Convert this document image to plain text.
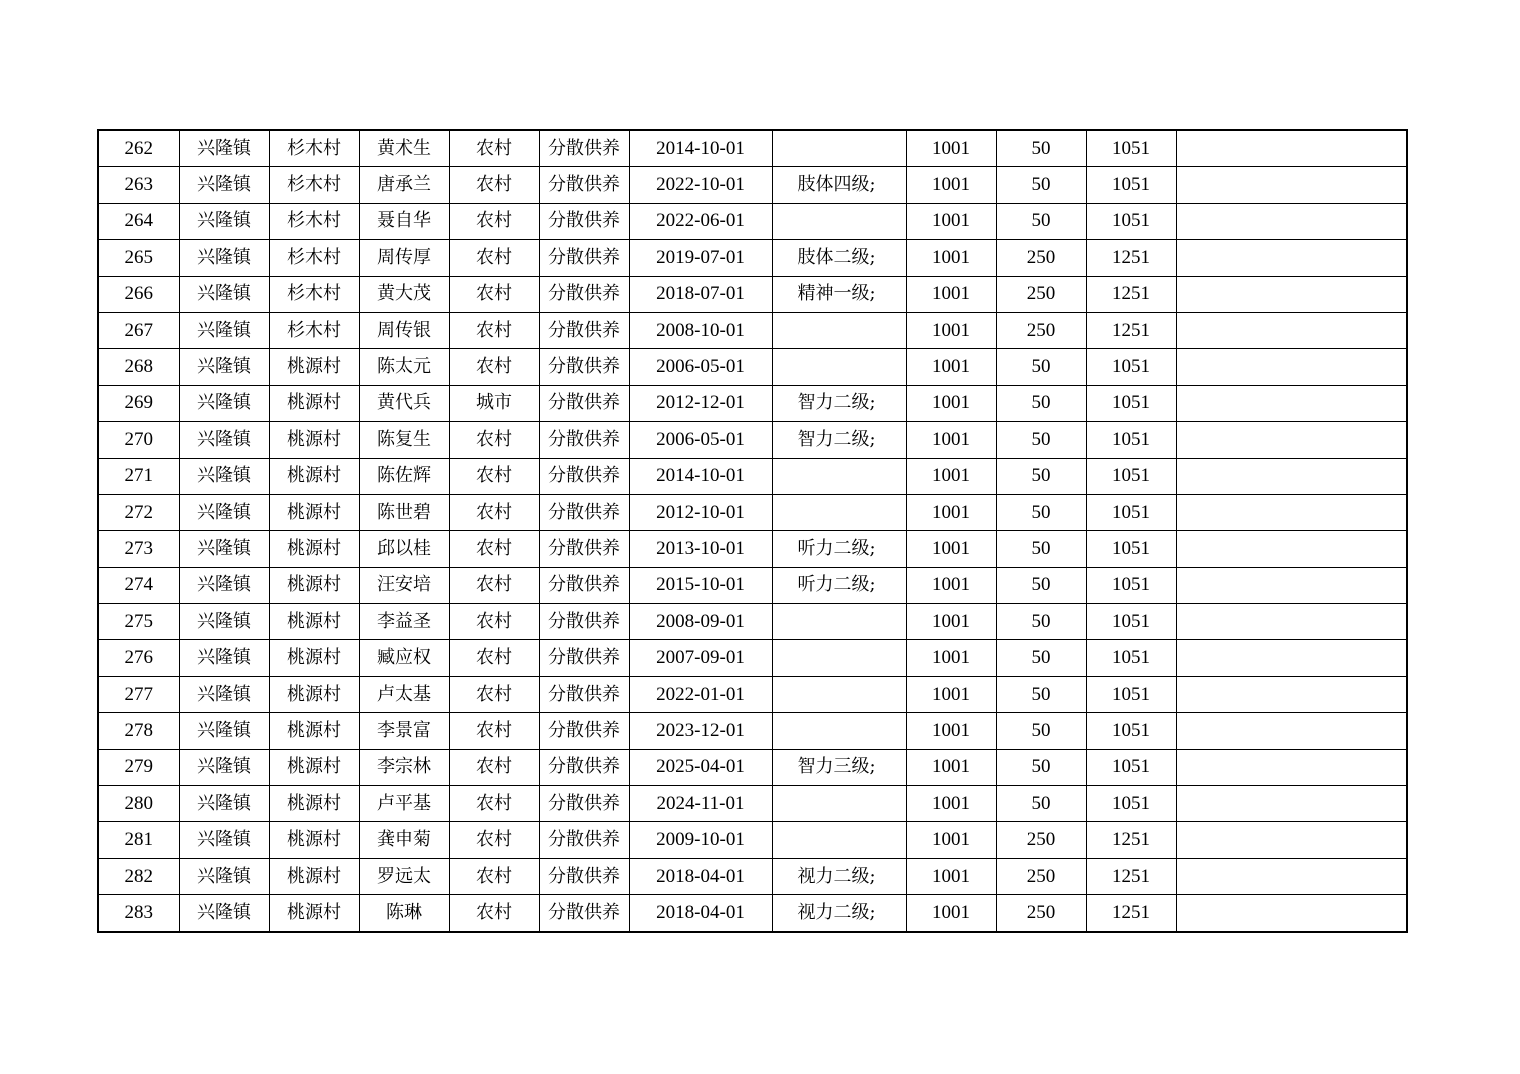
262	兴隆镇	杉木村	黄术生	农村	分散供养	2014-10-01		1001	50	1051	
263	兴隆镇	杉木村	唐承兰	农村	分散供养	2022-10-01	肢体四级;	1001	50	1051	
264	兴隆镇	杉木村	聂自华	农村	分散供养	2022-06-01		1001	50	1051	
265	兴隆镇	杉木村	周传厚	农村	分散供养	2019-07-01	肢体二级;	1001	250	1251	
266	兴隆镇	杉木村	黄大茂	农村	分散供养	2018-07-01	精神一级;	1001	250	1251	
267	兴隆镇	杉木村	周传银	农村	分散供养	2008-10-01		1001	250	1251	
268	兴隆镇	桃源村	陈太元	农村	分散供养	2006-05-01		1001	50	1051	
269	兴隆镇	桃源村	黄代兵	城市	分散供养	2012-12-01	智力二级;	1001	50	1051	
270	兴隆镇	桃源村	陈复生	农村	分散供养	2006-05-01	智力二级;	1001	50	1051	
271	兴隆镇	桃源村	陈佐辉	农村	分散供养	2014-10-01		1001	50	1051	
272	兴隆镇	桃源村	陈世碧	农村	分散供养	2012-10-01		1001	50	1051	
273	兴隆镇	桃源村	邱以桂	农村	分散供养	2013-10-01	听力二级;	1001	50	1051	
274	兴隆镇	桃源村	汪安培	农村	分散供养	2015-10-01	听力二级;	1001	50	1051	
275	兴隆镇	桃源村	李益圣	农村	分散供养	2008-09-01		1001	50	1051	
276	兴隆镇	桃源村	臧应权	农村	分散供养	2007-09-01		1001	50	1051	
277	兴隆镇	桃源村	卢太基	农村	分散供养	2022-01-01		1001	50	1051	
278	兴隆镇	桃源村	李景富	农村	分散供养	2023-12-01		1001	50	1051	
279	兴隆镇	桃源村	李宗林	农村	分散供养	2025-04-01	智力三级;	1001	50	1051	
280	兴隆镇	桃源村	卢平基	农村	分散供养	2024-11-01		1001	50	1051	
281	兴隆镇	桃源村	龚申菊	农村	分散供养	2009-10-01		1001	250	1251	
282	兴隆镇	桃源村	罗远太	农村	分散供养	2018-04-01	视力二级;	1001	250	1251	
283	兴隆镇	桃源村	陈琳	农村	分散供养	2018-04-01	视力二级;	1001	250	1251	
